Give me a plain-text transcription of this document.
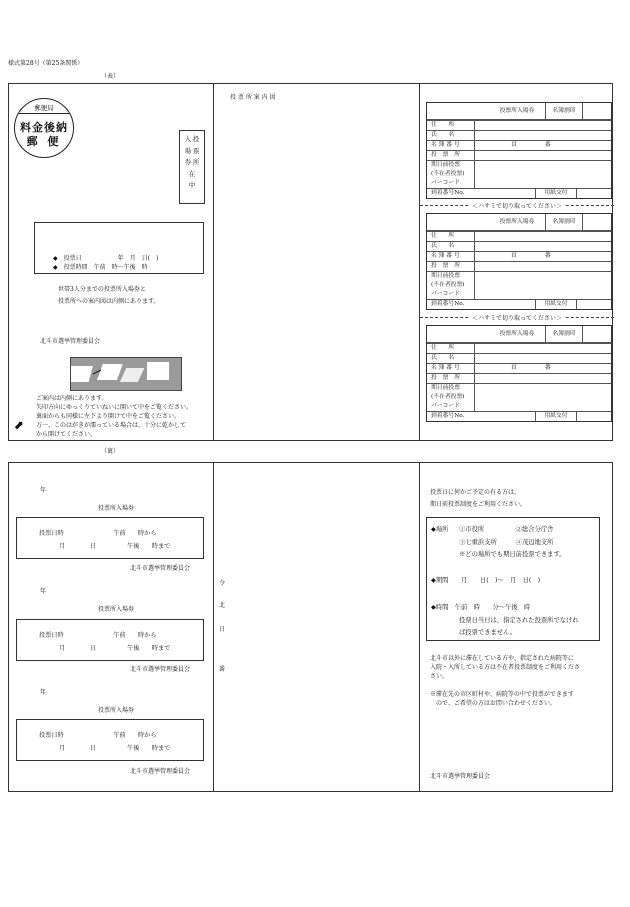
様式第28号（第25条関係）
（表）
郵便局
料金後納
郵 便	入 投
場 票
券 所
在
中
◆　投票日　　　　　　年　月　日(　)
◆　投票時間　午前　時〜午後　時
世帯3人分までの投票所入場券と
投票所への案内図は内側にあります。
北斗市選挙管理委員会
ご案内は内側にあります。
矢印方向にゆっくりていねいに開いて中をご覧ください。
裏面からも同様に左下より開けて中をご覧ください。
万一、このはがきが濡っている場合は、十分に乾かして
から開けてください。
⬈
投 票 所 案 内 図
投票所入場券	名簿割印
住　　所
氏　　名
名 簿 番 号	頁	番
投　票　所
期日前投票
(不在者投票)
バーコード
到着番号No.	用紙交付
＜ハサミで切り取ってください＞
投票所入場券	名簿割印
住　　所
氏　　名
名 簿 番 号	頁	番
投　票　所
期日前投票
(不在者投票)
バーコード
到着番号No.	用紙交付
＜ハサミで切り取ってください＞
投票所入場券	名簿割印
住　　所
氏　　名
名 簿 番 号	頁	番
投　票　所
期日前投票
(不在者投票)
バーコード
到着番号No.	用紙交付
（裏）
年
投票所入場券
投票日時　　　　　　　　午前　　時から
月　　　　日　　　　　午後　　時まで
北斗市選挙管理委員会
年
投票所入場券
投票日時　　　　　　　　午前　　時から
月　　　　日　　　　　午後　　時まで
北斗市選挙管理委員会
年
投票所入場券
投票日時　　　　　　　　午前　　時から
月　　　　日　　　　　午後　　時まで
北斗市選挙管理委員会
令
北
日
番
投票日に何かご予定の有る方は、
期日前投票制度をご利用ください。
◆場所 ①市役所　　　　　②総合分庁舎
③七重浜支所　　　④茂辺地支所
※どの場所でも期日前投票できます。
◆期間　　月　　日(　)〜　月　日(　)
◆時間　午前　時　　分〜午後　時
投票日当日は、指定された投票所でなけれ
ば投票できません。
北斗市以外に滞在している方や、指定された病院等に
入院・入所している方は不在者投票制度をご利用くださ
さい。
※滞在先の市区町村や、病院等の中で投票ができます
　ので、ご希望の方はお問い合わせください。
北斗市選挙管理委員会
